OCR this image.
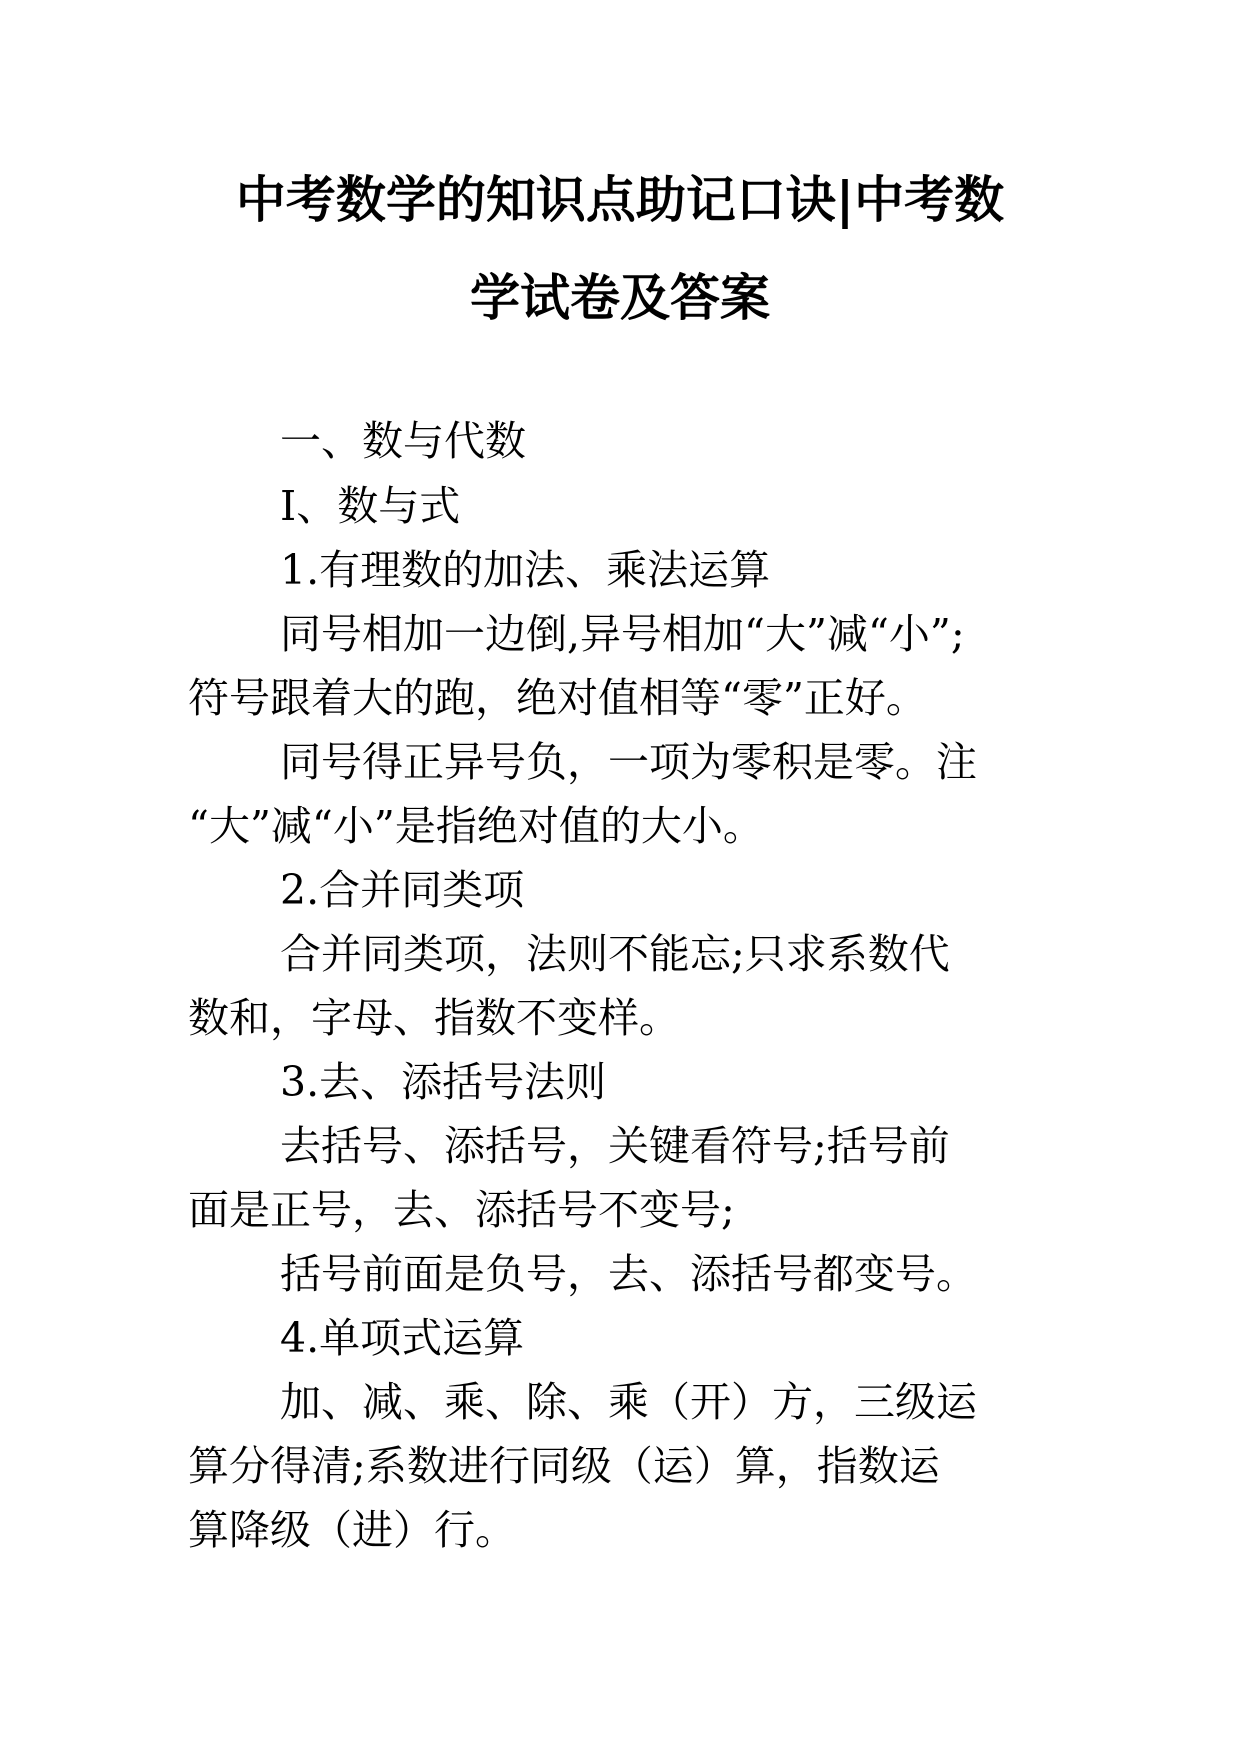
中考数学的知识点助记口诀|中考数
学试卷及答案

一、数与代数

Ⅰ、数与式

1.有理数的加法、乘法运算

同号相加一边倒,异号相加“大”减“小”;

符号跟着大的跑，绝对值相等“零”正好。

同号得正异号负，一项为零积是零。注

“大”减“小”是指绝对值的大小。

2.合并同类项

合并同类项，法则不能忘;只求系数代

数和，字母、指数不变样。

3.去、添括号法则

去括号、添括号，关键看符号;括号前

面是正号，去、添括号不变号;

括号前面是负号，去、添括号都变号。

4.单项式运算

加、减、乘、除、乘（开）方，三级运

算分得清;系数进行同级（运）算，指数运

算降级（进）行。
